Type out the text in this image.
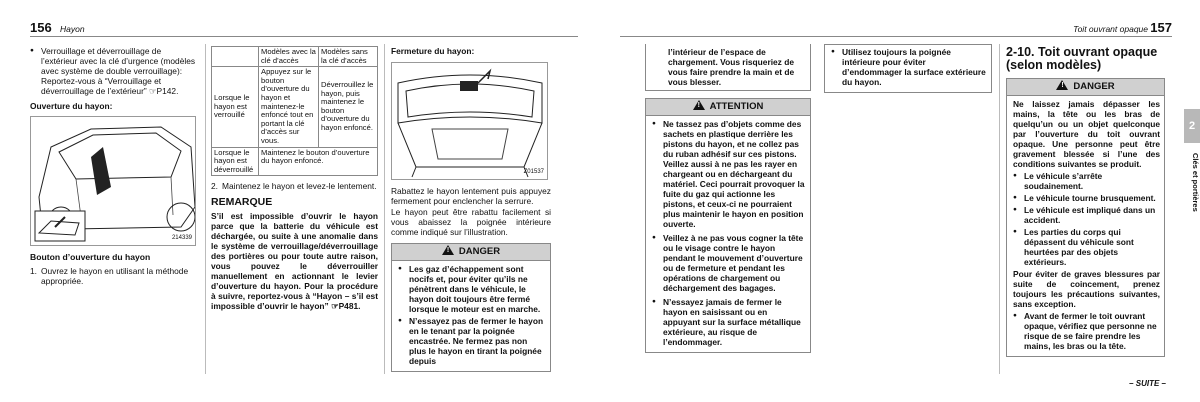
156 Hayon
● Verrouillage et déverrouillage de l’extérieur avec la clé d’urgence (modèles avec système de double verrouillage): Reportez-vous à “Verrouillage et déverrouillage de l’extérieur” ☞P142.
Ouverture du hayon:
214339
Bouton d’ouverture du hayon
1. Ouvrez le hayon en utilisant la méthode appropriée.
	Modèles avec la clé d’accès	Modèles sans la clé d’accès
Lorsque le hayon est verrouillé	Appuyez sur le bouton d’ouverture du hayon et maintenez-le enfoncé tout en portant la clé d’accès sur vous.	Déverrouillez le hayon, puis maintenez le bouton d’ouverture du hayon enfoncé.
Lorsque le hayon est déverrouillé	Maintenez le bouton d’ouverture du hayon enfoncé.	
2. Maintenez le hayon et levez-le lentement.
REMARQUE
S’il est impossible d’ouvrir le hayon parce que la batterie du véhicule est déchargée, ou suite à une anomalie dans le système de verrouillage/déverrouillage des portières ou pour toute autre raison, vous pouvez le déverrouiller manuellement en actionnant le levier d’ouverture du hayon. Pour la procédure à suivre, reportez-vous à “Hayon – s’il est impossible d’ouvrir le hayon” ☞P481.
Fermeture du hayon:
Z01537
Rabattez le hayon lentement puis appuyez fermement pour enclencher la serrure.
Le hayon peut être rabattu facilement si vous abaissez la poignée intérieure comme indiqué sur l’illustration.
!DANGER
● Les gaz d’échappement sont nocifs et, pour éviter qu’ils ne pénètrent dans le véhicule, le hayon doit toujours être fermé lorsque le moteur est en marche.
● N’essayez pas de fermer le hayon en le tenant par la poignée encastrée. Ne fermez pas non plus le hayon en tirant la poignée depuis
Toit ouvrant opaque 157
l’intérieur de l’espace de chargement. Vous risqueriez de vous faire prendre la main et de vous blesser.
!ATTENTION
● Ne tassez pas d’objets comme des sachets en plastique derrière les pistons du hayon, et ne collez pas du ruban adhésif sur ces pistons. Veillez aussi à ne pas les rayer en chargeant ou en déchargeant du matériel. Ceci pourrait provoquer la fuite du gaz qui actionne les pistons, et ceux-ci ne pourraient plus maintenir le hayon en position ouverte.
● Veillez à ne pas vous cogner la tête ou le visage contre le hayon pendant le mouvement d’ouverture ou de fermeture et pendant les opérations de chargement ou déchargement des bagages.
● N’essayez jamais de fermer le hayon en saisissant ou en appuyant sur la surface métallique extérieure, au risque de l’endommager.
● Utilisez toujours la poignée intérieure pour éviter d’endommager la surface extérieure du hayon.
2-10. Toit ouvrant opaque (selon modèles)
!DANGER
Ne laissez jamais dépasser les mains, la tête ou les bras de quelqu’un ou un objet quelconque par l’ouverture du toit ouvrant opaque. Une personne peut être gravement blessée si l’une des conditions suivantes se produit.
● Le véhicule s’arrête soudainement.
● Le véhicule tourne brusquement.
● Le véhicule est impliqué dans un accident.
● Les parties du corps qui dépassent du véhicule sont heurtées par des objets extérieurs.
Pour éviter de graves blessures par suite de coincement, prenez toujours les précautions suivantes, sans exception.
● Avant de fermer le toit ouvrant opaque, vérifiez que personne ne risque de se faire prendre les mains, les bras ou la tête.
– SUITE –
2
Clés et portières
